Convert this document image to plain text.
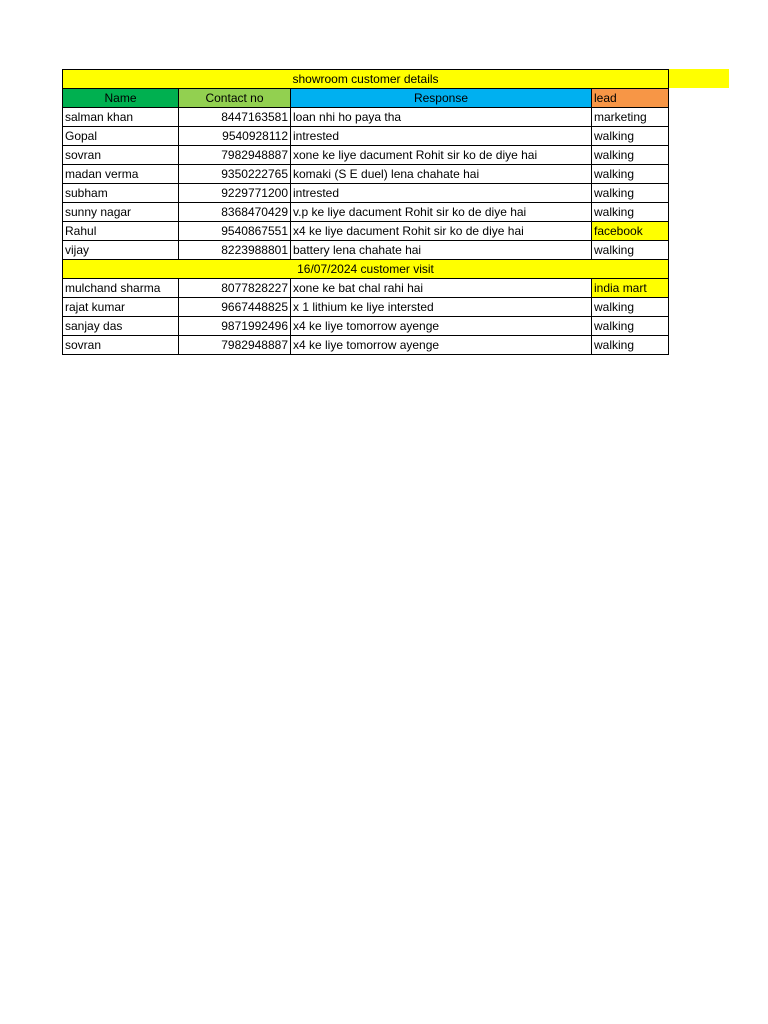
showroom customer details			
Name	Contact no	Response	lead
salman khan	8447163581	loan nhi ho paya tha	marketing
Gopal	9540928112	intrested	walking
sovran	7982948887	xone ke liye dacument Rohit sir ko de diye hai	walking
madan verma	9350222765	komaki (S E duel) lena chahate hai	walking
subham	9229771200	intrested	walking
sunny nagar	8368470429	v.p ke liye dacument Rohit sir ko de diye hai	walking
Rahul	9540867551	x4 ke liye dacument Rohit sir ko de diye hai	facebook
vijay	8223988801	battery lena chahate hai	walking
16/07/2024 customer visit			
mulchand sharma	8077828227	xone ke bat chal rahi hai	india mart
rajat kumar	9667448825	x 1 lithium ke liye intersted	walking
sanjay das	9871992496	x4 ke liye tomorrow ayenge	walking
sovran	7982948887	x4 ke liye tomorrow ayenge	walking
